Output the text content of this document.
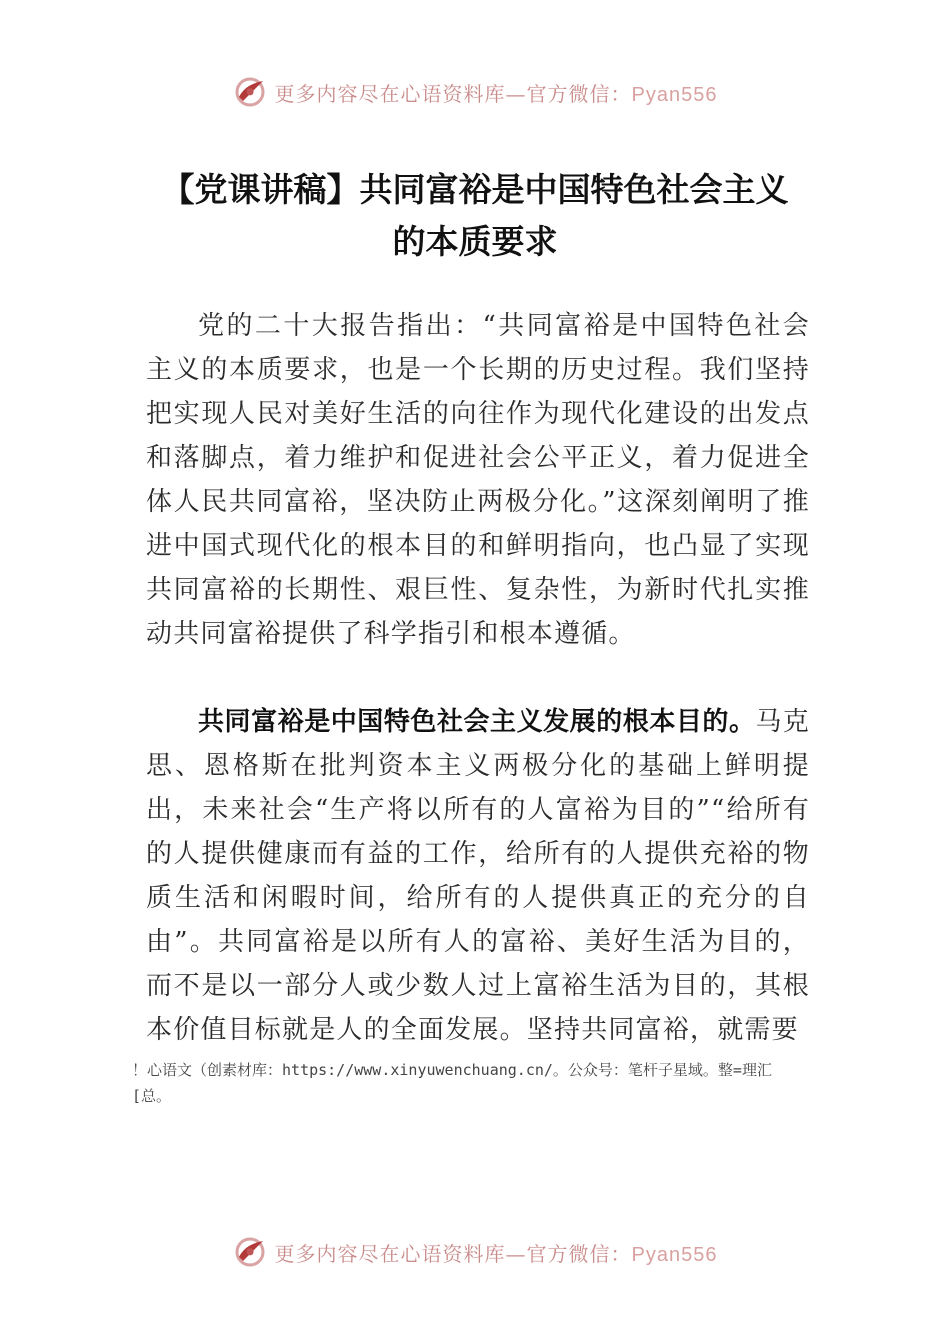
更多内容尽在心语资料库—官方微信：Pyan556
【党课讲稿】共同富裕是中国特色社会主义
的本质要求

党的二十大报告指出：“共同富裕是中国特色社会主义的本质要求，也是一个长期的历史过程。我们坚持把实现人民对美好生活的向往作为现代化建设的出发点和落脚点，着力维护和促进社会公平正义，着力促进全体人民共同富裕，坚决防止两极分化。”这深刻阐明了推进中国式现代化的根本目的和鲜明指向，也凸显了实现共同富裕的长期性、艰巨性、复杂性，为新时代扎实推动共同富裕提供了科学指引和根本遵循。

共同富裕是中国特色社会主义发展的根本目的。马克思、恩格斯在批判资本主义两极分化的基础上鲜明提出，未来社会“生产将以所有的人富裕为目的”“给所有的人提供健康而有益的工作，给所有的人提供充裕的物质生活和闲暇时间，给所有的人提供真正的充分的自由”。共同富裕是以所有人的富裕、美好生活为目的，而不是以一部分人或少数人过上富裕生活为目的，其根本价值目标就是人的全面发展。坚持共同富裕，就需要

！心语文（创素材库：https://www.xinyuwenchuang.cn/。公众号：笔杆子星域。整=理汇
[总。

更多内容尽在心语资料库—官方微信：Pyan556
